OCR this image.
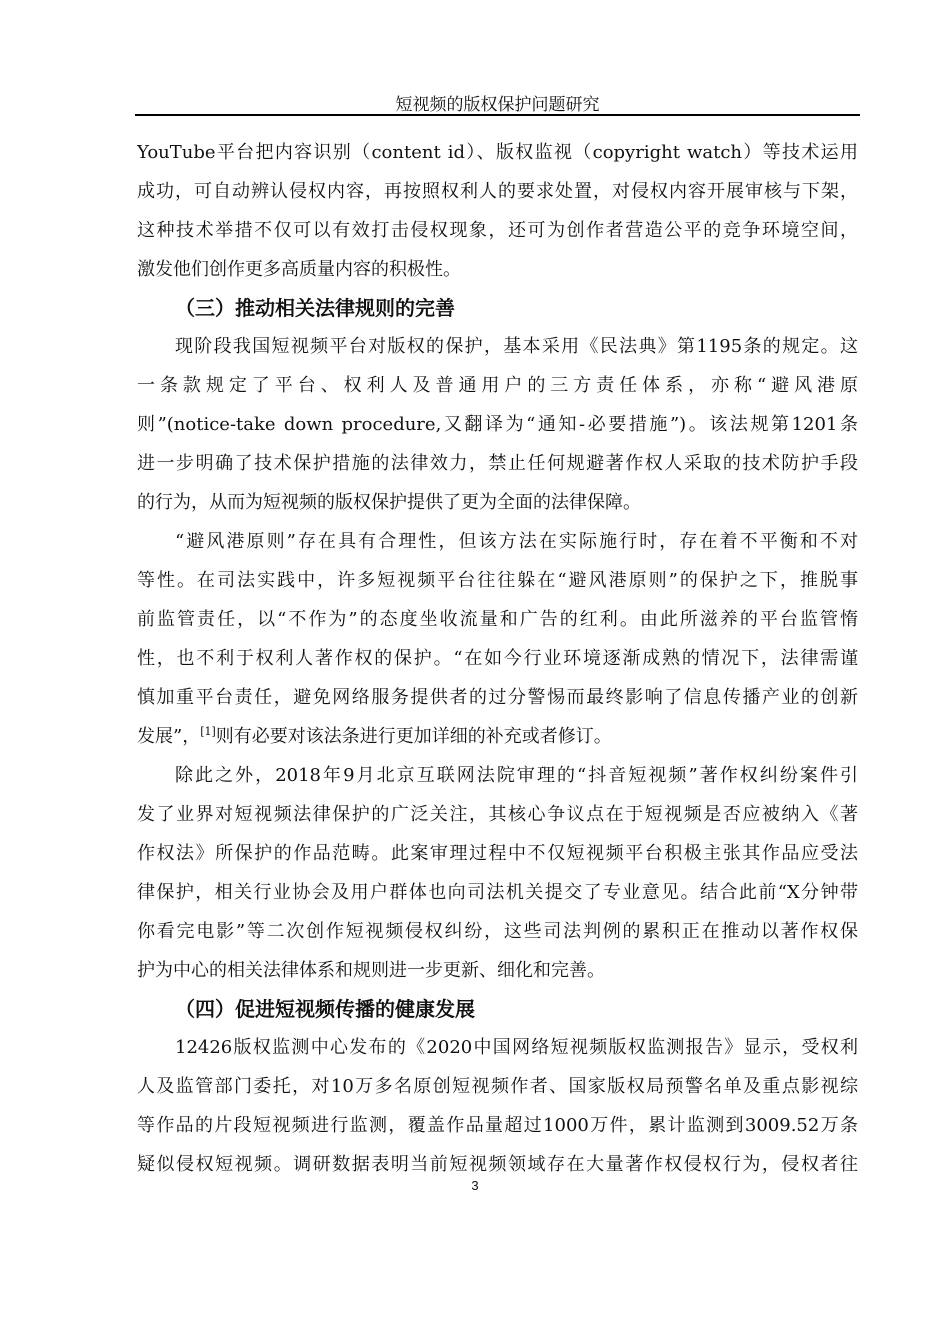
短视频的版权保护问题研究
YouTube平台把内容识别（content id）、版权监视（copyright watch）等技术运用
成功，可自动辨认侵权内容，再按照权利人的要求处置，对侵权内容开展审核与下架，
这种技术举措不仅可以有效打击侵权现象，还可为创作者营造公平的竞争环境空间，
激发他们创作更多高质量内容的积极性。
（三）推动相关法律规则的完善
现阶段我国短视频平台对版权的保护，基本采用《民法典》第1195条的规定。这
一条款规定了平台、权利人及普通用户的三方责任体系，亦称“避风港原
则”(notice-take down procedure,又翻译为“通知-必要措施”)。该法规第1201条
进一步明确了技术保护措施的法律效力，禁止任何规避著作权人采取的技术防护手段
的行为，从而为短视频的版权保护提供了更为全面的法律保障。
“避风港原则”存在具有合理性，但该方法在实际施行时，存在着不平衡和不对
等性。在司法实践中，许多短视频平台往往躲在“避风港原则”的保护之下，推脱事
前监管责任，以“不作为”的态度坐收流量和广告的红利。由此所滋养的平台监管惰
性，也不利于权利人著作权的保护。“在如今行业环境逐渐成熟的情况下，法律需谨
慎加重平台责任，避免网络服务提供者的过分警惕而最终影响了信息传播产业的创新
发展”，[1]则有必要对该法条进行更加详细的补充或者修订。
除此之外，2018年9月北京互联网法院审理的“抖音短视频”著作权纠纷案件引
发了业界对短视频法律保护的广泛关注，其核心争议点在于短视频是否应被纳入《著
作权法》所保护的作品范畴。此案审理过程中不仅短视频平台积极主张其作品应受法
律保护，相关行业协会及用户群体也向司法机关提交了专业意见。结合此前“X分钟带
你看完电影”等二次创作短视频侵权纠纷，这些司法判例的累积正在推动以著作权保
护为中心的相关法律体系和规则进一步更新、细化和完善。
（四）促进短视频传播的健康发展
12426版权监测中心发布的《2020中国网络短视频版权监测报告》显示，受权利
人及监管部门委托，对10万多名原创短视频作者、国家版权局预警名单及重点影视综
等作品的片段短视频进行监测，覆盖作品量超过1000万件，累计监测到3009.52万条
疑似侵权短视频。调研数据表明当前短视频领域存在大量著作权侵权行为，侵权者往
3
